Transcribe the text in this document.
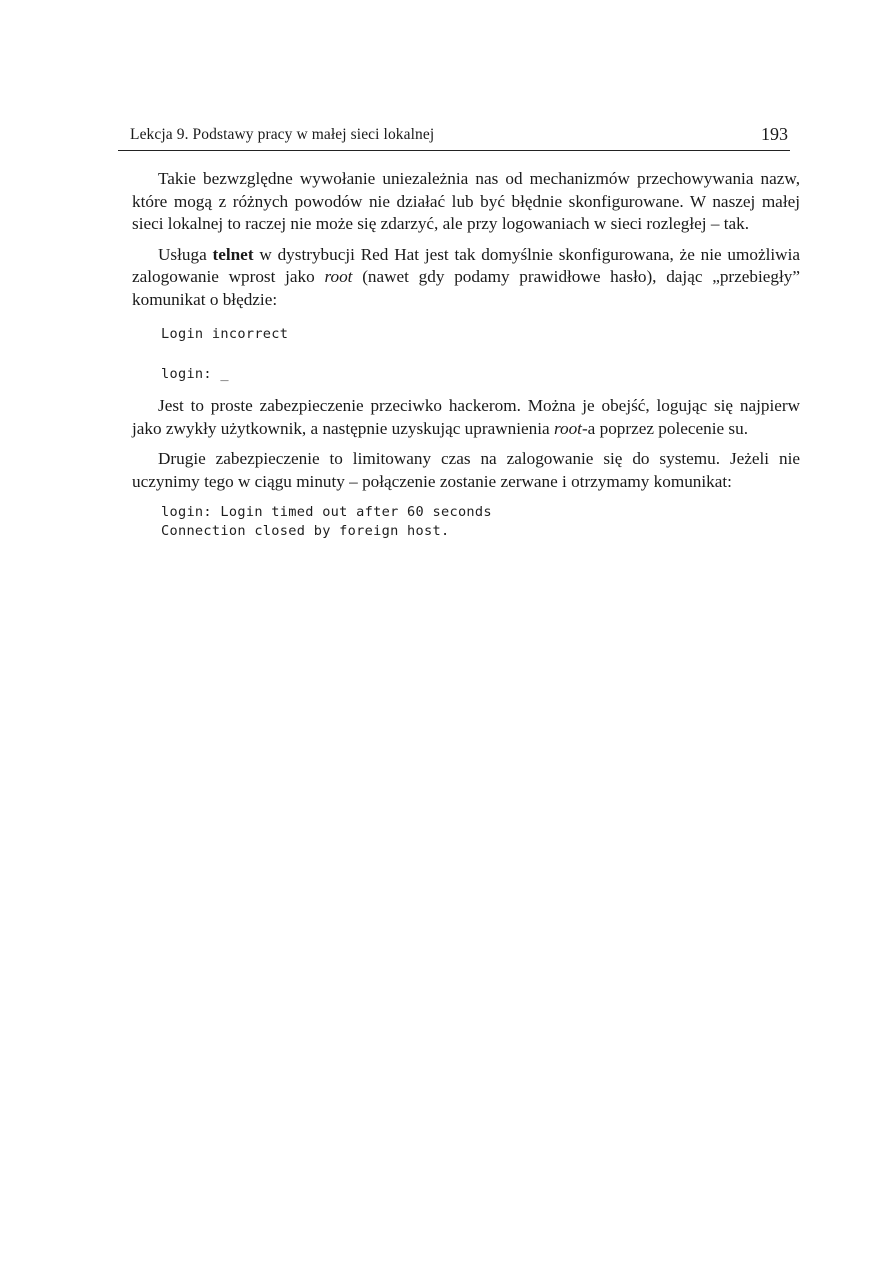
Lekcja 9. Podstawy pracy w małej sieci lokalnej	193

Takie bezwzględne wywołanie uniezależnia nas od mechanizmów przechowywania nazw, które mogą z różnych powodów nie działać lub być błędnie skonfigurowane. W naszej małej sieci lokalnej to raczej nie może się zdarzyć, ale przy logowaniach w sieci rozległej – tak.

Usługa telnet w dystrybucji Red Hat jest tak domyślnie skonfigurowana, że nie umożliwia zalogowanie wprost jako root (nawet gdy podamy prawidłowe hasło), dając „przebiegły” komunikat o błędzie:

Login incorrect
login: _

Jest to proste zabezpieczenie przeciwko hackerom. Można je obejść, logując się najpierw jako zwykły użytkownik, a następnie uzyskując uprawnienia root-a poprzez polecenie su.

Drugie zabezpieczenie to limitowany czas na zalogowanie się do systemu. Jeżeli nie uczynimy tego w ciągu minuty – połączenie zostanie zerwane i otrzymamy komunikat:

login: Login timed out after 60 seconds
Connection closed by foreign host.
